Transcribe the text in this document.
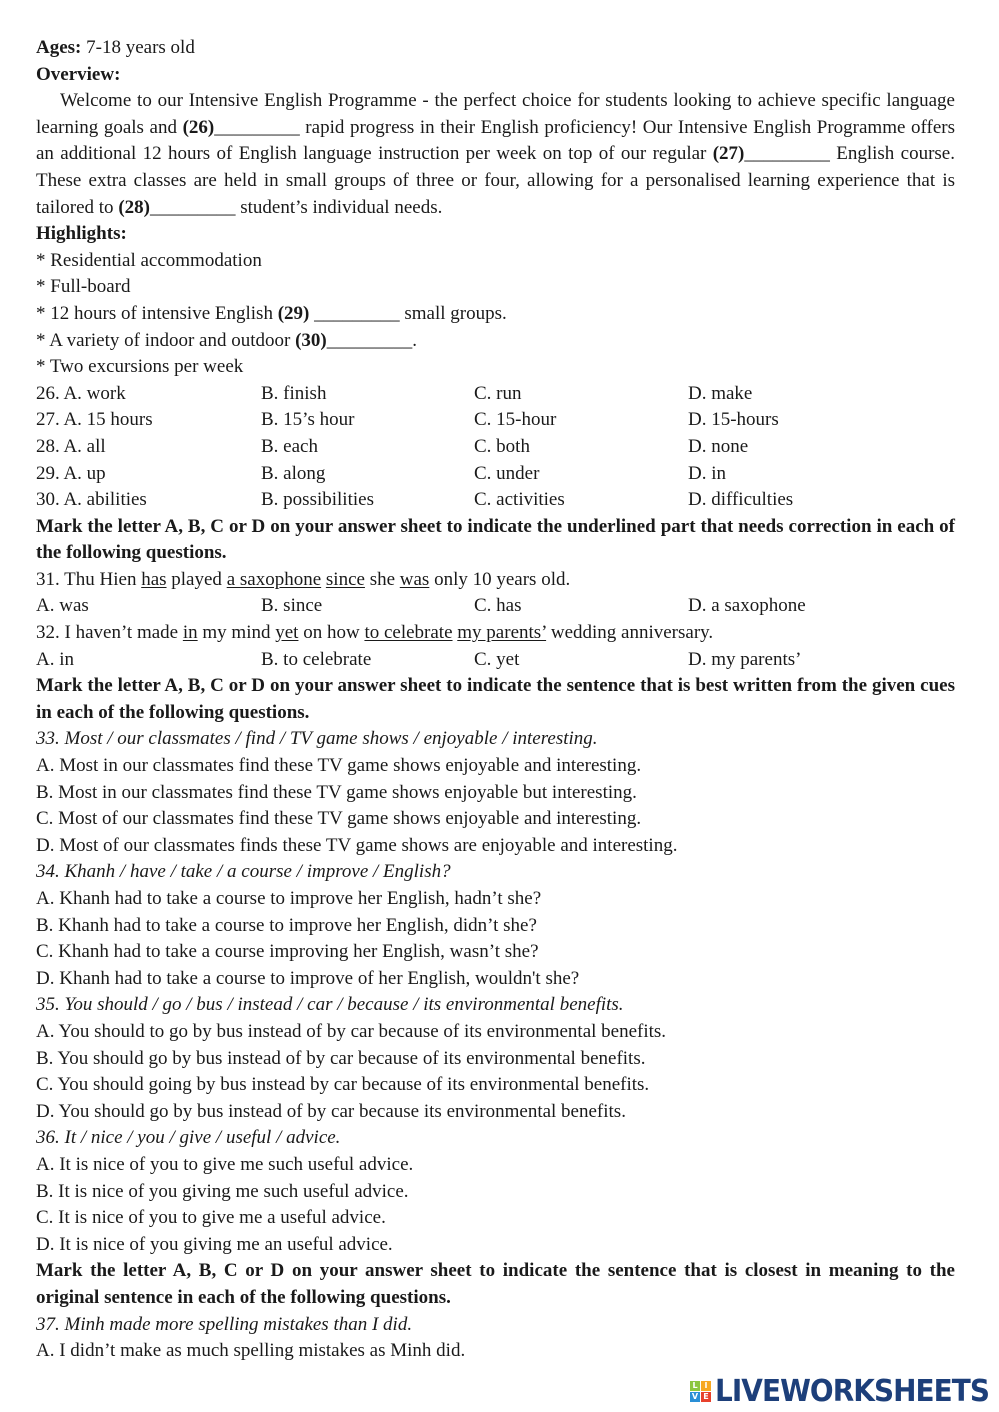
Ages: 7-18 years old
Overview:
Welcome to our Intensive English Programme - the perfect choice for students looking to achieve specific language learning goals and (26)_________ rapid progress in their English proficiency! Our Intensive English Programme offers an additional 12 hours of English language instruction per week on top of our regular (27)_________ English course. These extra classes are held in small groups of three or four, allowing for a personalised learning experience that is tailored to (28)_________ student’s individual needs.
Highlights:
* Residential accommodation
* Full-board
* 12 hours of intensive English (29) _________ small groups.
* A variety of indoor and outdoor (30)_________.
* Two excursions per week
26. A. work	B. finish	C. run	D. make
27. A. 15 hours	B. 15’s hour	C. 15-hour	D. 15-hours
28. A. all	B. each	C. both	D. none
29. A. up	B. along	C. under	D. in
30. A. abilities	B. possibilities	C. activities	D. difficulties
Mark the letter A, B, C or D on your answer sheet to indicate the underlined part that needs correction in each of the following questions.
31. Thu Hien has played a saxophone since she was only 10 years old.
A. was	B. since	C. has	D. a saxophone
32. I haven’t made in my mind yet on how to celebrate my parents’ wedding anniversary.
A. in	B. to celebrate	C. yet	D. my parents’
Mark the letter A, B, C or D on your answer sheet to indicate the sentence that is best written from the given cues in each of the following questions.
33. Most / our classmates / find / TV game shows / enjoyable / interesting.
A. Most in our classmates find these TV game shows enjoyable and interesting.
B. Most in our classmates find these TV game shows enjoyable but interesting.
C. Most of our classmates find these TV game shows enjoyable and interesting.
D. Most of our classmates finds these TV game shows are enjoyable and interesting.
34. Khanh / have / take / a course / improve / English?
A. Khanh had to take a course to improve her English, hadn’t she?
B. Khanh had to take a course to improve her English, didn’t she?
C. Khanh had to take a course improving her English, wasn’t she?
D. Khanh had to take a course to improve of her English, wouldn't she?
35. You should / go / bus / instead / car / because / its environmental benefits.
A. You should to go by bus instead of by car because of its environmental benefits.
B. You should go by bus instead of by car because of its environmental benefits.
C. You should going by bus instead by car because of its environmental benefits.
D. You should go by bus instead of by car because its environmental benefits.
36. It / nice / you / give / useful / advice.
A. It is nice of you to give me such useful advice.
B. It is nice of you giving me such useful advice.
C. It is nice of you to give me a useful advice.
D. It is nice of you giving me an useful advice.
Mark the letter A, B, C or D on your answer sheet to indicate the sentence that is closest in meaning to the original sentence in each of the following questions.
37. Minh made more spelling mistakes than I did.
A. I didn’t make as much spelling mistakes as Minh did.
L I
V E LIVEWORKSHEETS
